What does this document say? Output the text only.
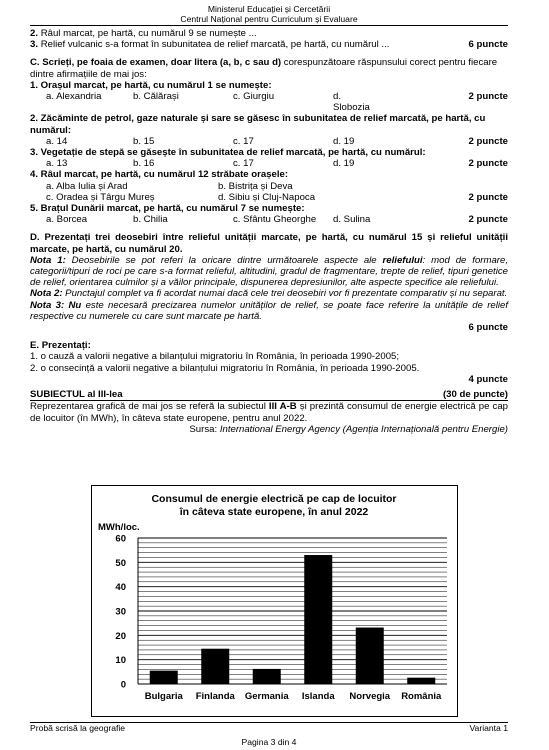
Ministerul Educației și Cercetării
Centrul Național pentru Curriculum și Evaluare
2.
Râul marcat, pe hartă, cu numărul 9 se numește ...
3.
Relief vulcanic s-a format în subunitatea de relief marcată, pe hartă, cu numărul ...	6 puncte
C. Scrieți, pe foaia de examen, doar litera (a, b, c sau d) corespunzătoare răspunsului corect pentru fiecare dintre afirmațiile de mai jos:
1. Orașul marcat, pe hartă, cu numărul 1 se numește:
a. Alexandria	b. Călărași	c. Giurgiu	d. Slobozia
2 puncte
2. Zăcăminte de petrol, gaze naturale și sare se găsesc în subunitatea de relief marcată, pe hartă, cu numărul:
a. 14	b. 15	c. 17	d. 19	2 puncte
3. Vegetație de stepă se găsește în subunitatea de relief marcată, pe hartă, cu numărul:
a. 13	b. 16	c. 17	d. 19	2 puncte
4. Râul marcat, pe hartă, cu numărul 12 străbate orașele:
a. Alba Iulia și Arad	b. Bistrița și Deva
c. Oradea și Târgu Mureș	d. Sibiu și Cluj-Napoca	2 puncte
5. Brațul Dunării marcat, pe hartă, cu numărul 7 se numește:
a. Borcea	b. Chilia	c. Sfântu Gheorghe	d. Sulina	2 puncte
D. Prezentați trei deosebiri între relieful unității marcate, pe hartă, cu numărul 15 și relieful unității marcate, pe hartă, cu numărul 20.
Nota 1: Deosebirile se pot referi la oricare dintre următoarele aspecte ale reliefului: mod de formare, categorii/tipuri de roci pe care s-a format relieful, altitudini, gradul de fragmentare, trepte de relief, tipuri genetice de relief, orientarea culmilor și a văilor principale, dispunerea depresiunilor, alte aspecte specifice ale reliefului.
Nota 2: Punctajul complet va fi acordat numai dacă cele trei deosebiri vor fi prezentate comparativ și nu separat.
Nota 3: Nu este necesară precizarea numelor unităților de relief, se poate face referire la unitățile de relief respective cu numerele cu care sunt marcate pe hartă.
6 puncte
E. Prezentați:
1. o cauză a valorii negative a bilanțului migratoriu în România, în perioada 1990-2005;
2. o consecință a valorii negative a bilanțului migratoriu în România, în perioada 1990-2005.
4 puncte
SUBIECTUL al III-lea	(30 de puncte)
Reprezentarea grafică de mai jos se referă la subiectul III A-B și prezintă consumul de energie electrică pe cap de locuitor (în MWh), în câteva state europene, pentru anul 2022.
Sursa: International Energy Agency (Agenția Internațională pentru Energie)
Consumul de energie electrică pe cap de locuitor în câteva state europene, în anul 2022
MWh/loc.
0
10
20
30
40
50
60
Bulgaria Finlanda Germania Islanda Norvegia România
Probă scrisă la geografie	Varianta 1
Pagina 3 din 4
